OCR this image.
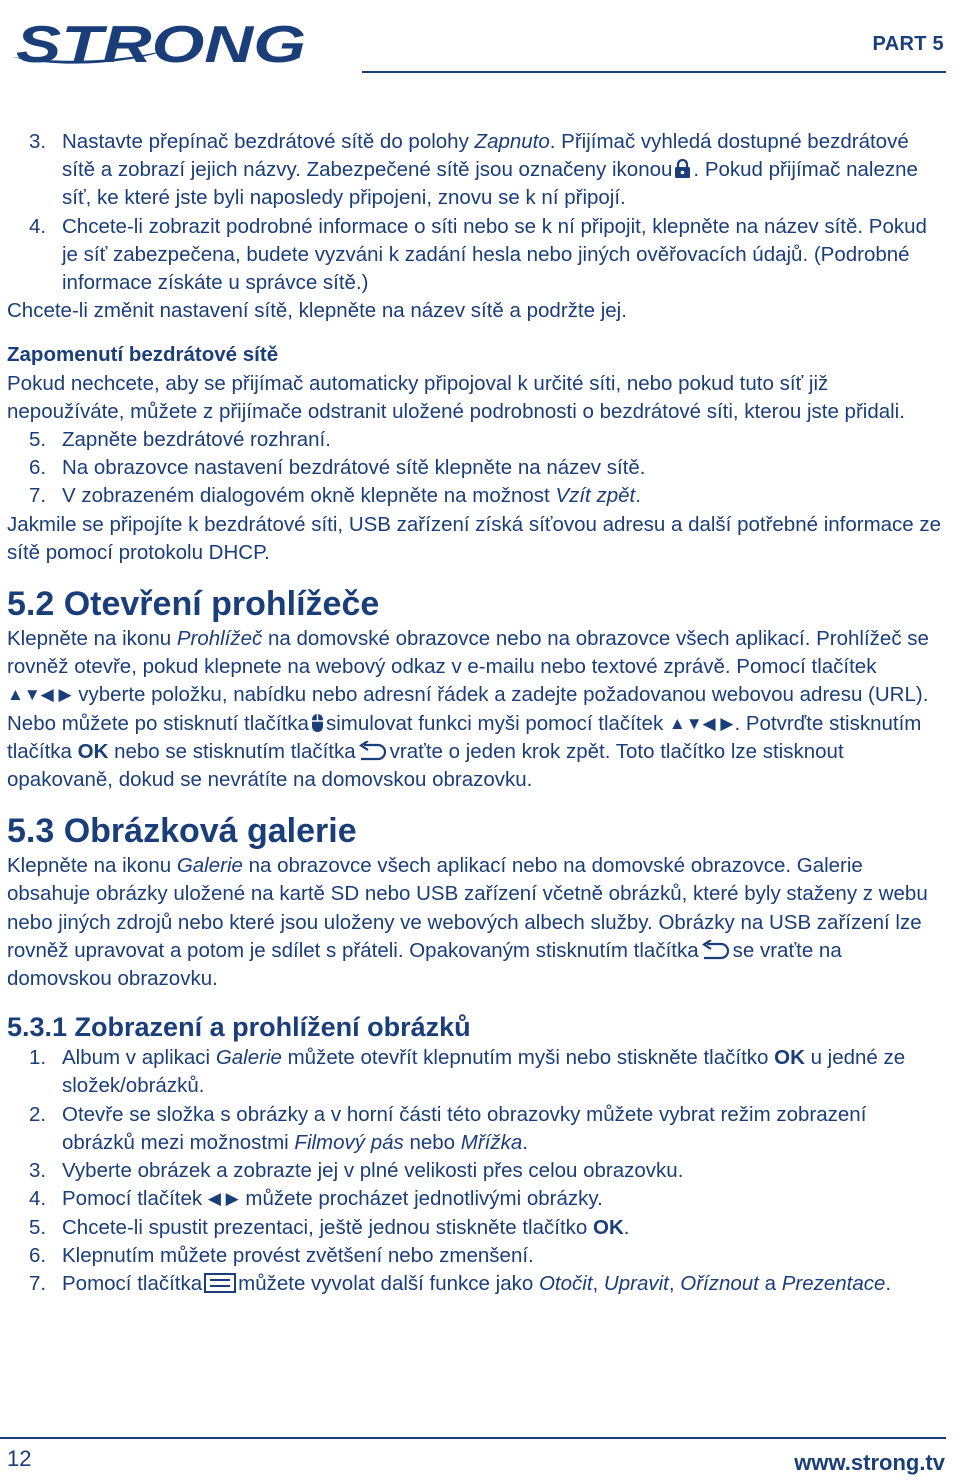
STRONG	PART 5

3. Nastavte přepínač bezdrátové sítě do polohy Zapnuto. Přijímač vyhledá dostupné bezdrátové sítě a zobrazí jejich názvy. Zabezpečené sítě jsou označeny ikonou . Pokud přijímač nalezne síť, ke které jste byli naposledy připojeni, znovu se k ní připojí.

4. Chcete-li zobrazit podrobné informace o síti nebo se k ní připojit, klepněte na název sítě. Pokud je síť zabezpečena, budete vyzváni k zadání hesla nebo jiných ověřovacích údajů. (Podrobné informace získáte u správce sítě.)

Chcete-li změnit nastavení sítě, klepněte na název sítě a podržte jej.

Zapomenutí bezdrátové sítě

Pokud nechcete, aby se přijímač automaticky připojoval k určité síti, nebo pokud tuto síť již nepoužíváte, můžete z přijímače odstranit uložené podrobnosti o bezdrátové síti, kterou jste přidali.

5. Zapněte bezdrátové rozhraní.

6. Na obrazovce nastavení bezdrátové sítě klepněte na název sítě.

7. V zobrazeném dialogovém okně klepněte na možnost Vzít zpět.

Jakmile se připojíte k bezdrátové síti, USB zařízení získá síťovou adresu a další potřebné informace ze sítě pomocí protokolu DHCP.

5.2 Otevření prohlížeče

Klepněte na ikonu Prohlížeč na domovské obrazovce nebo na obrazovce všech aplikací. Prohlížeč se rovněž otevře, pokud klepnete na webový odkaz v e-mailu nebo textové zprávě. Pomocí tlačítek
▲▼◀ ▶ vyberte položku, nabídku nebo adresní řádek a zadejte požadovanou webovou adresu (URL). Nebo můžete po stisknutí tlačítka simulovat funkci myši pomocí tlačítek ▲▼◀ ▶. Potvrďte stisknutím tlačítka OK nebo se stisknutím tlačítka vraťte o jeden krok zpět. Toto tlačítko lze stisknout opakovaně, dokud se nevrátíte na domovskou obrazovku.

5.3 Obrázková galerie

Klepněte na ikonu Galerie na obrazovce všech aplikací nebo na domovské obrazovce. Galerie obsahuje obrázky uložené na kartě SD nebo USB zařízení včetně obrázků, které byly staženy z webu nebo jiných zdrojů nebo které jsou uloženy ve webových albech služby. Obrázky na USB zařízení lze rovněž upravovat a potom je sdílet s přáteli. Opakovaným stisknutím tlačítka se vraťte na domovskou obrazovku.

5.3.1 Zobrazení a prohlížení obrázků

1. Album v aplikaci Galerie můžete otevřít klepnutím myši nebo stiskněte tlačítko OK u jedné ze složek/obrázků.

2. Otevře se složka s obrázky a v horní části této obrazovky můžete vybrat režim zobrazení obrázků mezi možnostmi Filmový pás nebo Mřížka.

3. Vyberte obrázek a zobrazte jej v plné velikosti přes celou obrazovku.

4. Pomocí tlačítek ◀ ▶ můžete procházet jednotlivými obrázky.

5. Chcete-li spustit prezentaci, ještě jednou stiskněte tlačítko OK.

6. Klepnutím můžete provést zvětšení nebo zmenšení.

7. Pomocí tlačítka můžete vyvolat další funkce jako Otočit, Upravit, Oříznout a Prezentace.

12	www.strong.tv
